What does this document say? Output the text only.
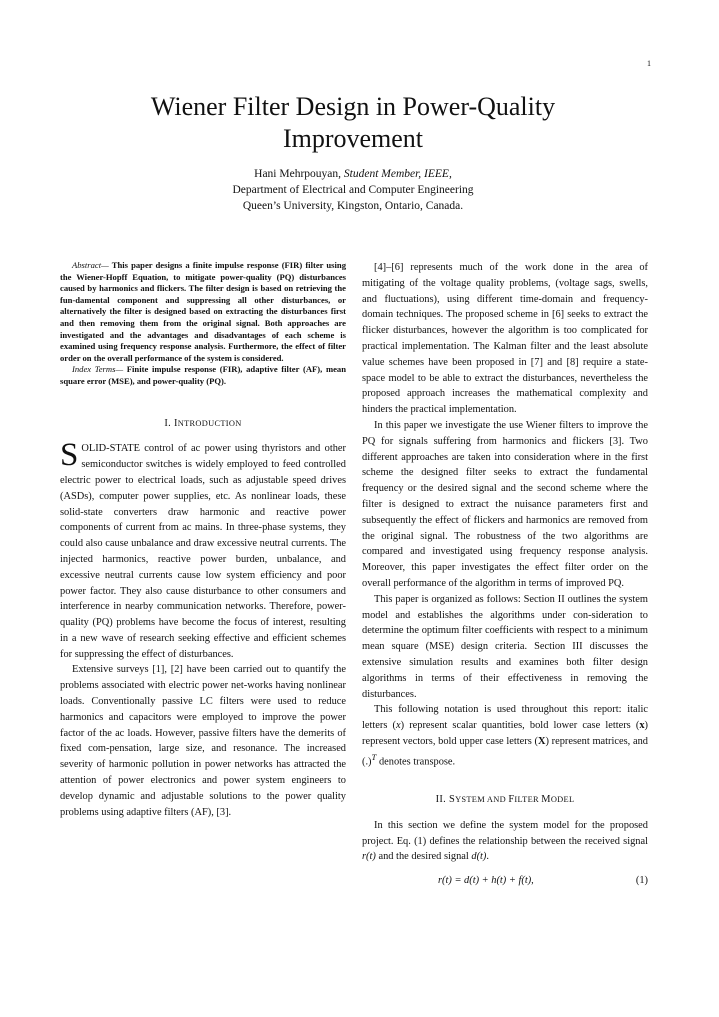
1
Wiener Filter Design in Power-Quality Improvement
Hani Mehrpouyan, Student Member, IEEE,
Department of Electrical and Computer Engineering
Queen’s University, Kingston, Ontario, Canada.

Abstract— This paper designs a finite impulse response (FIR) filter using the Wiener-Hopff Equation, to mitigate power-quality (PQ) disturbances caused by harmonics and flickers. The filter design is based on retrieving the fun-damental component and suppressing all other disturbances, or alternatively the filter is designed based on extracting the disturbances first and then removing them from the original signal. Both approaches are investigated and the advantages and disadvantages of each scheme is examined using frequency response analysis. Furthermore, the effect of filter order on the overall performance of the system is considered.

Index Terms— Finite impulse response (FIR), adaptive filter (AF), mean square error (MSE), and power-quality (PQ).

I. INTRODUCTION

SOLID-STATE control of ac power using thyristors and other semiconductor switches is widely employed to feed controlled electric power to electrical loads, such as adjustable speed drives (ASDs), computer power supplies, etc. As nonlinear loads, these solid-state converters draw harmonic and reactive power components of current from ac mains. In three-phase systems, they could also cause unbalance and draw excessive neutral currents. The injected harmonics, reactive power burden, unbalance, and excessive neutral currents cause low system efficiency and poor power factor. They also cause disturbance to other consumers and interference in nearby communication networks. Therefore, power-quality (PQ) problems have become the focus of interest, resulting in a new wave of research seeking effective and efficient schemes for suppressing the effect of disturbances.

Extensive surveys [1], [2] have been carried out to quantify the problems associated with electric power net-works having nonlinear loads. Conventionally passive LC filters were used to reduce harmonics and capacitors were employed to improve the power factor of the ac loads. However, passive filters have the demerits of fixed com-pensation, large size, and resonance. The increased severity of harmonic pollution in power networks has attracted the attention of power electronics and power system engineers to develop dynamic and adjustable solutions to the power quality problems using adaptive filters (AF), [3].

[4]–[6] represents much of the work done in the area of mitigating of the voltage quality problems, (voltage sags, swells, and fluctuations), using different time-domain and frequency-domain techniques. The proposed scheme in [6] seeks to extract the flicker disturbances, however the algorithm is too complicated for practical implementation. The Kalman filter and the least absolute value schemes have been proposed in [7] and [8] require a state-space model to be able to extract the disturbances, nevertheless the proposed approach increases the mathematical complexity and hinders the practical implementation.

In this paper we investigate the use Wiener filters to improve the PQ for signals suffering from harmonics and flickers [3]. Two different approaches are taken into consideration where in the first scheme the designed filter seeks to extract the fundamental frequency or the desired signal and the second scheme where the filter is designed to extract the nuisance parameters first and subsequently the effect of flickers and harmonics are removed from the original signal. The robustness of the two algorithms are compared and investigated using frequency response analysis. Moreover, this paper investigates the effect filter order on the overall performance of the algorithm in terms of improved PQ.

This paper is organized as follows: Section II outlines the system model and establishes the algorithms under con-sideration to determine the optimum filter coefficients with respect to a minimum mean square (MSE) design criteria. Section III discusses the extensive simulation results and examines both filter design algorithms in terms of their effectiveness in removing the disturbances.

This following notation is used throughout this report: italic letters (x) represent scalar quantities, bold lower case letters (x) represent vectors, bold upper case letters (X) represent matrices, and (.)$^T$ denotes transpose.

II. SYSTEM AND FILTER MODEL

In this section we define the system model for the proposed project. Eq. (1) defines the relationship between the received signal r(t) and the desired signal d(t).

r(t) = d(t) + h(t) + f(t),	(1)
